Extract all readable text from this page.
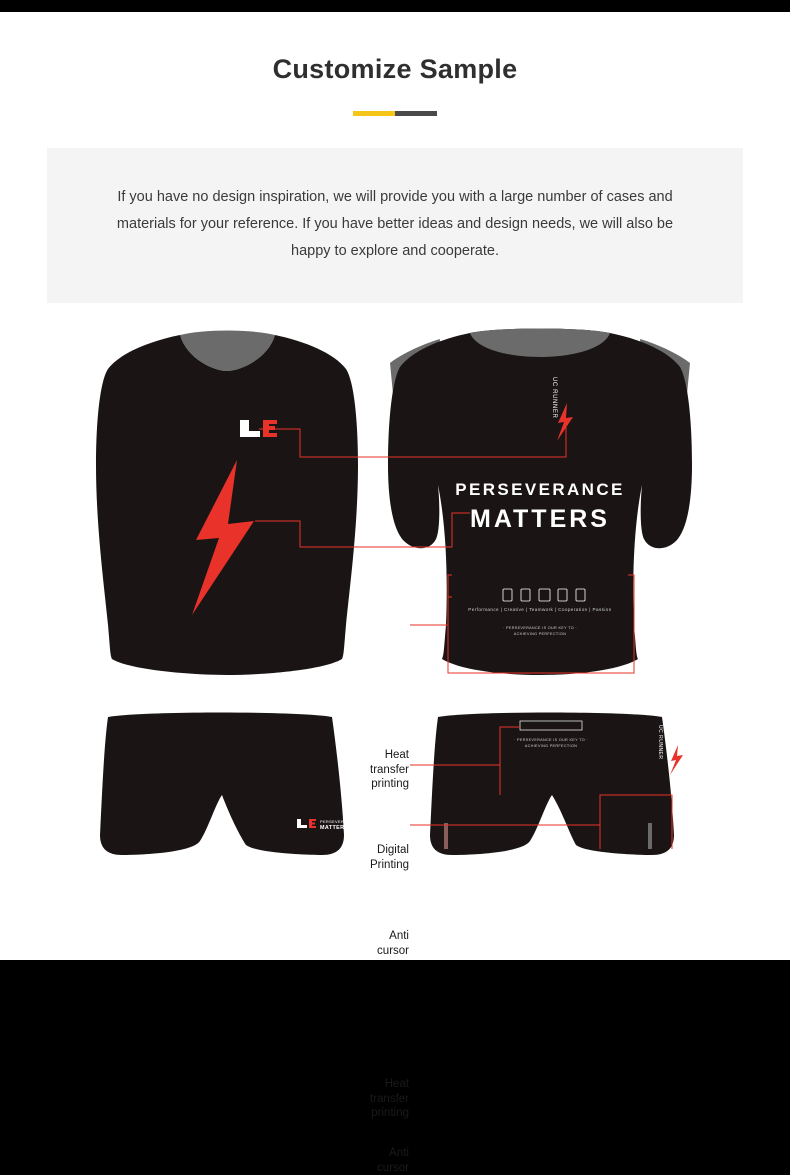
Customize Sample
If you have no design inspiration, we will provide you with a large number of cases and materials for your reference. If you have better ideas and design needs, we will also be happy to explore and cooperate.
UC RUNNER
PERSEVERANCE
MATTERS
Performance | Creative | Teamwork | Cooperation | Passion
· PERSEVERANCE IS OUR KEY TO ·
ACHIEVING PERFECTION
PERSEVERANCE
MATTERS
· PERSEVERANCE IS OUR KEY TO ·
ACHIEVING PERFECTION	UC RUNNER
Heat
transfer
printing
Digital
Printing
Anti
cursor
Heat
transfer
printing
Anti
cursor
